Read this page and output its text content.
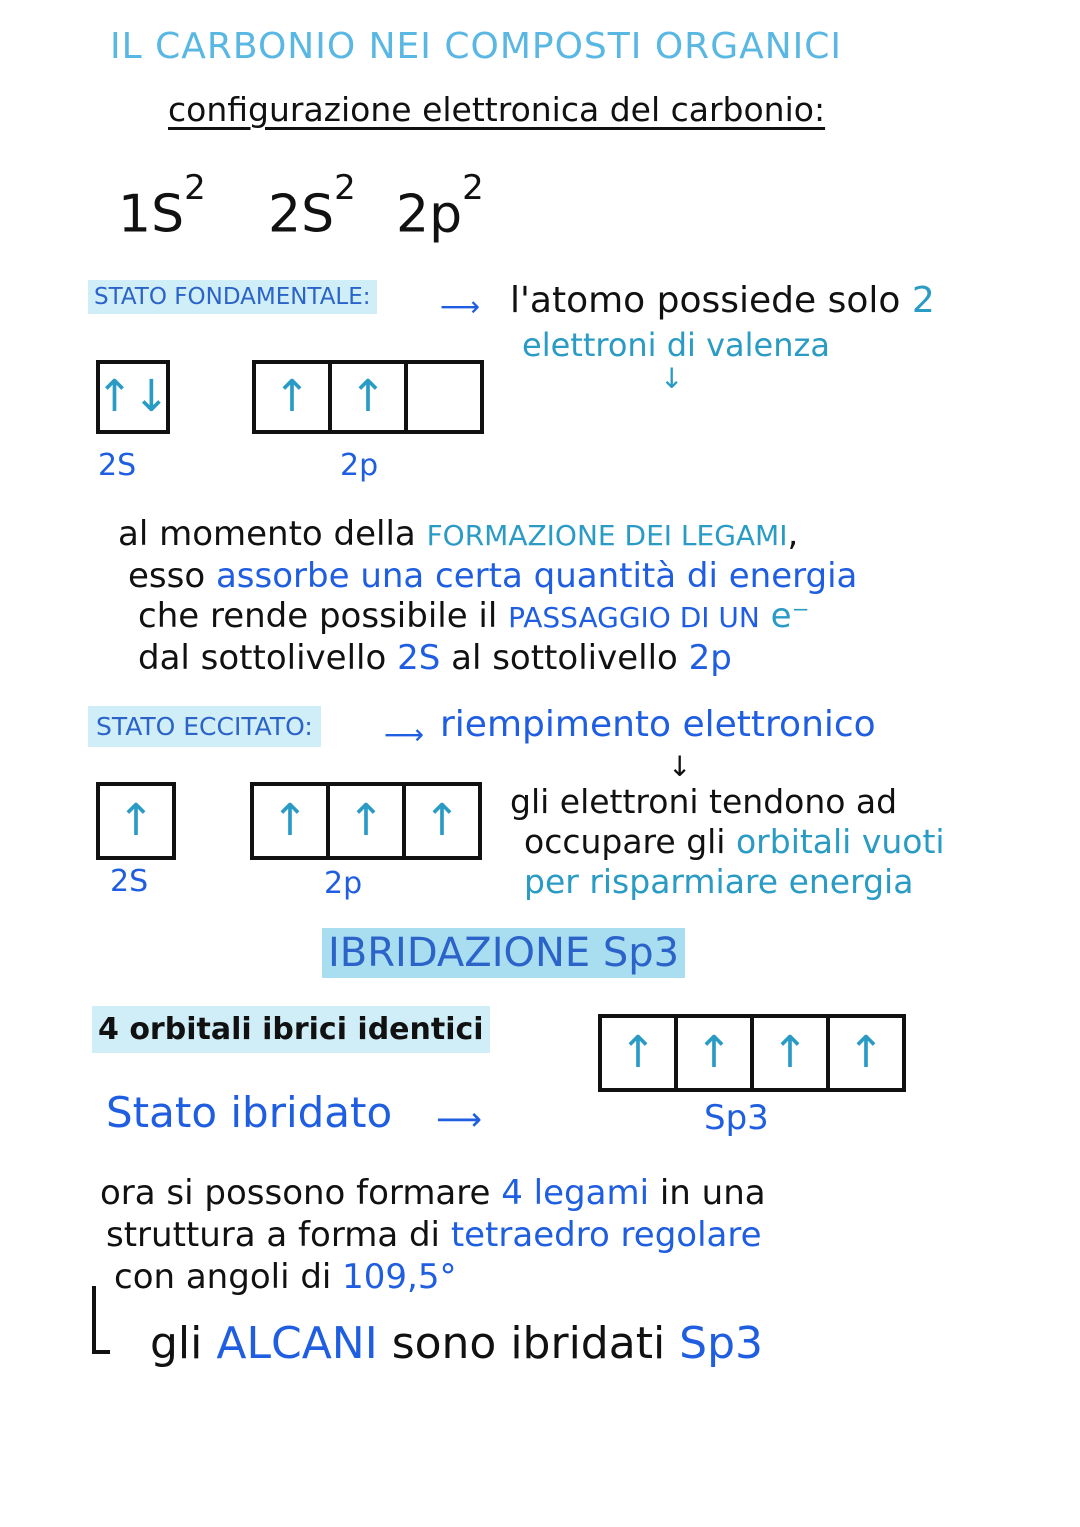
IL CARBONIO NEI COMPOSTI ORGANICI
configurazione elettronica del carbonio:
$1S^2$ $2S^2$ $2p^2$
STATO FONDAMENTALE: ⟶ l'atomo possiede solo 2
elettroni di valenza
↓
↑↓	↑ ↑
2S	2p
al momento della FORMAZIONE DEI LEGAMI,
esso assorbe una certa quantità di energia
che rende possibile il PASSAGGIO DI UN e⁻
dal sottolivello 2S al sottolivello 2p
STATO ECCITATO:	⟶ riempimento elettronico
↓
gli elettroni tendono ad
occupare gli orbitali vuoti
per risparmiare energia
↑	↑ ↑ ↑
2S	2p
IBRIDAZIONE Sp3
4 orbitali ibrici identici	↑ ↑ ↑ ↑
Sp3
Stato ibridato ⟶
ora si possono formare 4 legami in una
struttura a forma di tetraedro regolare
con angoli di 109,5°
gli ALCANI sono ibridati Sp3
